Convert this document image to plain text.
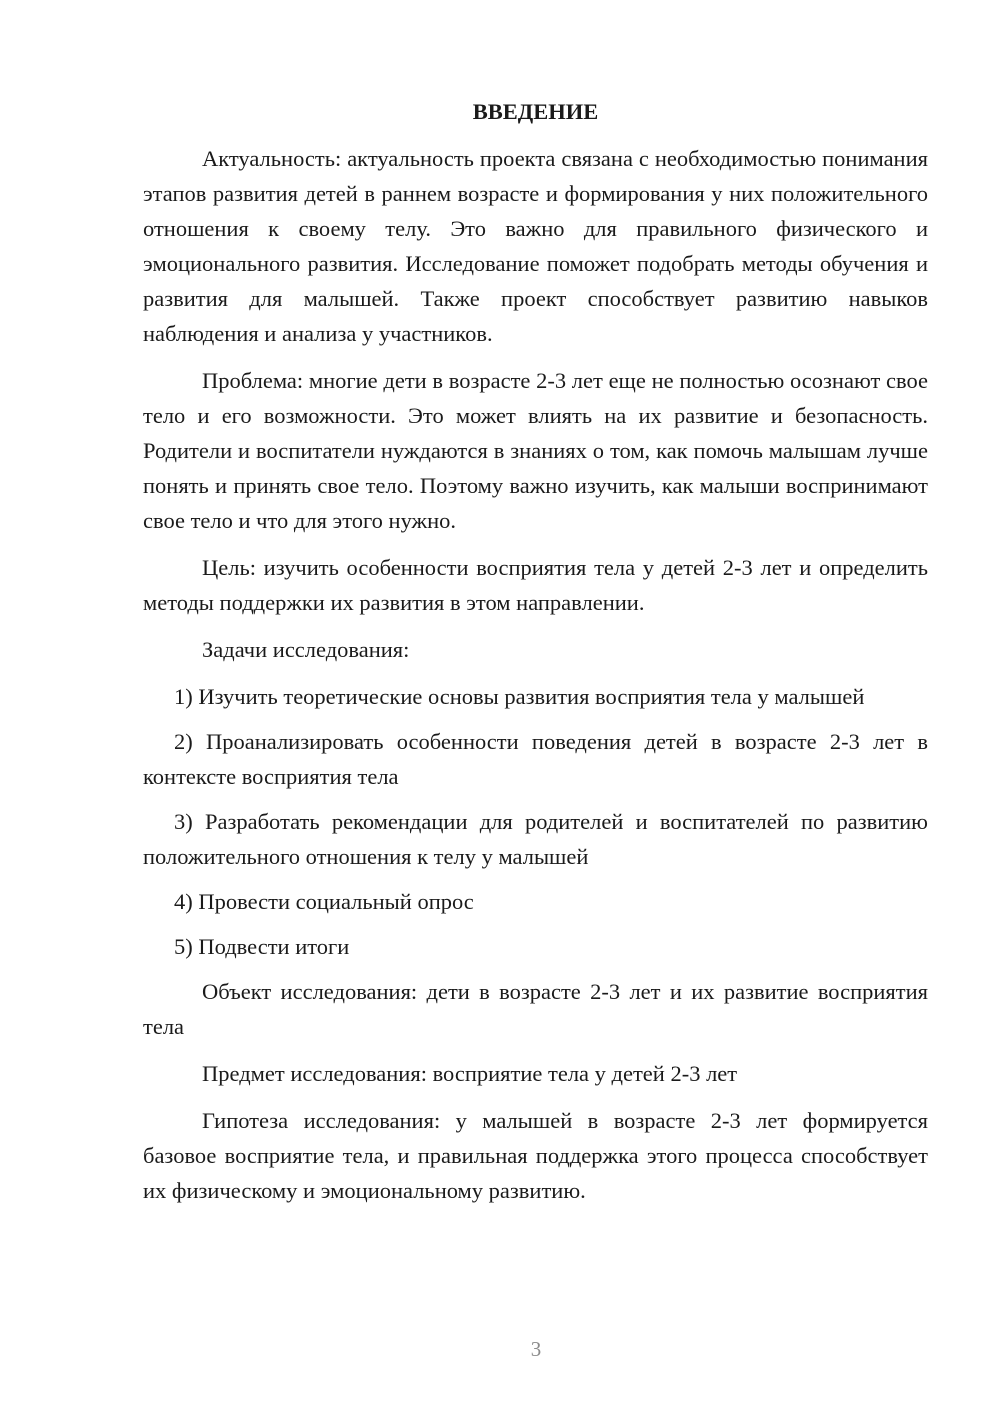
ВВЕДЕНИЕ

Актуальность: актуальность проекта связана с необходимостью понимания этапов развития детей в раннем возрасте и формирования у них положительного отношения к своему телу. Это важно для правильного физического и эмоционального развития. Исследование поможет подобрать методы обучения и развития для малышей. Также проект способствует развитию навыков наблюдения и анализа у участников.

Проблема: многие дети в возрасте 2-3 лет еще не полностью осознают свое тело и его возможности. Это может влиять на их развитие и безопасность. Родители и воспитатели нуждаются в знаниях о том, как помочь малышам лучше понять и принять свое тело. Поэтому важно изучить, как малыши воспринимают свое тело и что для этого нужно.

Цель: изучить особенности восприятия тела у детей 2-3 лет и определить методы поддержки их развития в этом направлении.

Задачи исследования:

1) Изучить теоретические основы развития восприятия тела у малышей

2) Проанализировать особенности поведения детей в возрасте 2-3 лет в контексте восприятия тела

3) Разработать рекомендации для родителей и воспитателей по развитию положительного отношения к телу у малышей

4) Провести социальный опрос

5) Подвести итоги

Объект исследования: дети в возрасте 2-3 лет и их развитие восприятия тела

Предмет исследования: восприятие тела у детей 2-3 лет

Гипотеза исследования: у малышей в возрасте 2-3 лет формируется базовое восприятие тела, и правильная поддержка этого процесса способствует их физическому и эмоциональному развитию.

3
